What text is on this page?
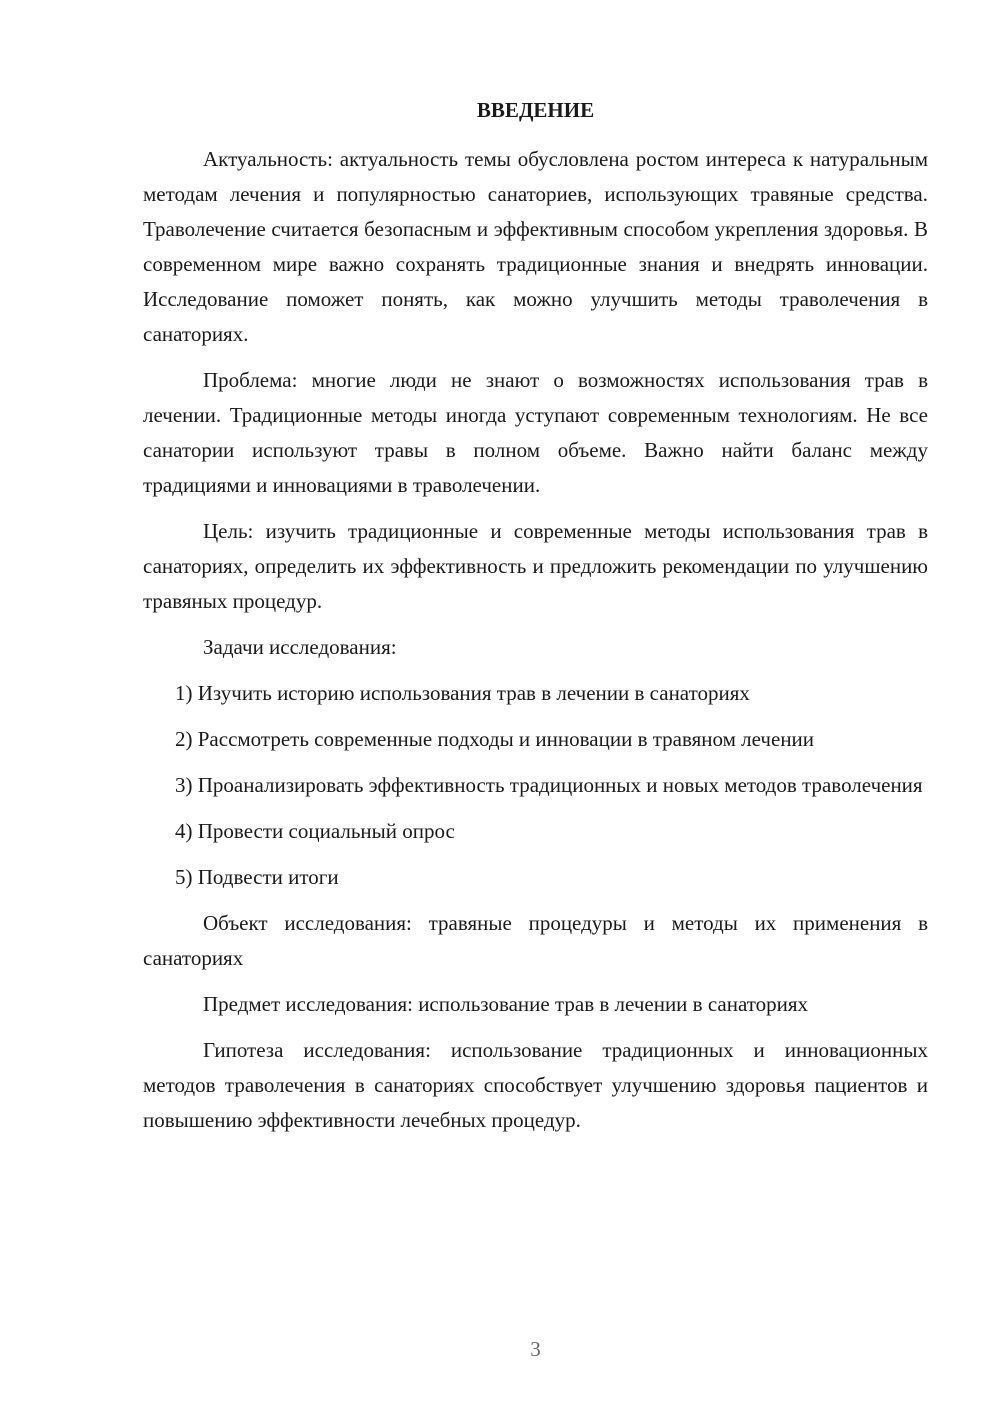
ВВЕДЕНИЕ

Актуальность: актуальность темы обусловлена ростом интереса к натуральным методам лечения и популярностью санаториев, использующих травяные средства. Траволечение считается безопасным и эффективным способом укрепления здоровья. В современном мире важно сохранять традиционные знания и внедрять инновации. Исследование поможет понять, как можно улучшить методы траволечения в санаториях.

Проблема: многие люди не знают о возможностях использования трав в лечении. Традиционные методы иногда уступают современным технологиям. Не все санатории используют травы в полном объеме. Важно найти баланс между традициями и инновациями в траволечении.

Цель: изучить традиционные и современные методы использования трав в санаториях, определить их эффективность и предложить рекомендации по улучшению травяных процедур.

Задачи исследования:

1) Изучить историю использования трав в лечении в санаториях

2) Рассмотреть современные подходы и инновации в травяном лечении

3) Проанализировать эффективность традиционных и новых методов траволечения

4) Провести социальный опрос

5) Подвести итоги

Объект исследования: травяные процедуры и методы их применения в санаториях

Предмет исследования: использование трав в лечении в санаториях

Гипотеза исследования: использование традиционных и инновационных методов траволечения в санаториях способствует улучшению здоровья пациентов и повышению эффективности лечебных процедур.

3
